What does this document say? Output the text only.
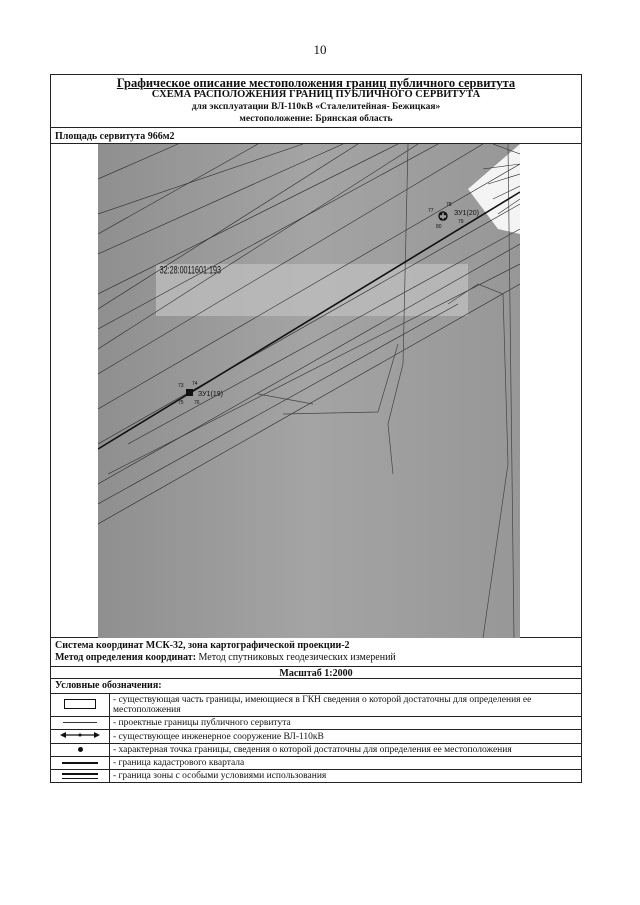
10
Графическое описание местоположения границ публичного сервитута
СХЕМА РАСПОЛОЖЕНИЯ ГРАНИЦ ПУБЛИЧНОГО СЕРВИТУТА
для эксплуатации ВЛ-110кВ «Сталелитейная- Бежицкая»
местоположение: Брянская область
Площадь сервитута 966м2
32:28:0011601:193
ЗУ1(20)
77
78
79
80
ЗУ1(19)
73 74
75 76
Система координат МСК-32, зона картографической проекции-2
Метод определения координат: Метод спутниковых геодезических измерений
Масштаб 1:2000
Условные обозначения:
	- существующая часть границы, имеющиеся в ГКН сведения о которой достаточны для определения ее местоположения
	- проектные границы публичного сервитута
	- существующее инженерное сооружение ВЛ-110кВ
	- характерная точка границы, сведения о которой достаточны для определения ее местоположения
	- граница кадастрового квартала
	- граница зоны с особыми условиями использования
